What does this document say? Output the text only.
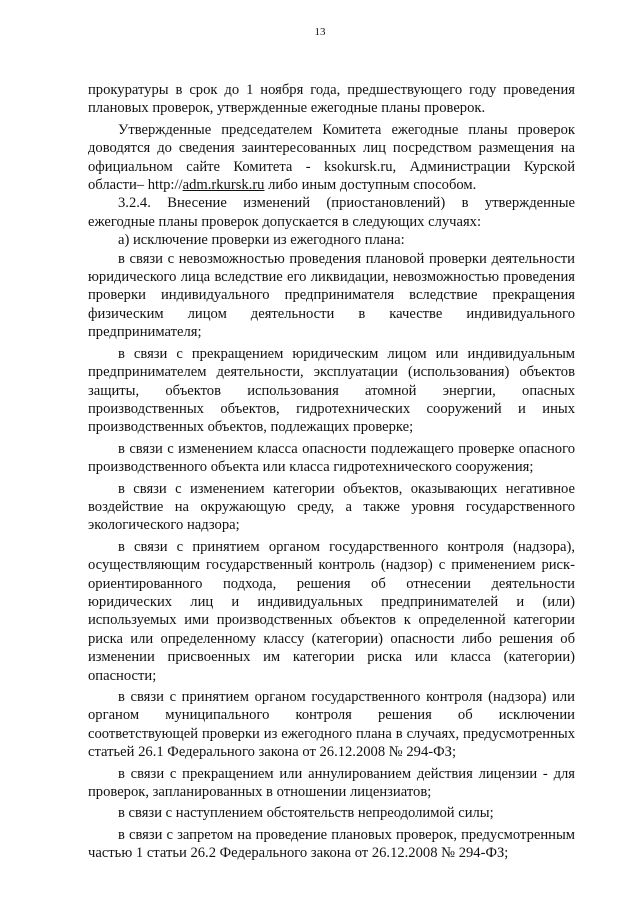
13

прокуратуры в срок до 1 ноября года, предшествующего году проведения плановых проверок, утвержденные ежегодные планы проверок.

Утвержденные председателем Комитета ежегодные планы проверок доводятся до сведения заинтересованных лиц посредством размещения на официальном сайте Комитета - ksokursk.ru, Администрации Курской области– http://adm.rkursk.ru либо иным доступным способом.

3.2.4. Внесение изменений (приостановлений) в утвержденные ежегодные планы проверок допускается в следующих случаях:

а) исключение проверки из ежегодного плана:

в связи с невозможностью проведения плановой проверки деятельности юридического лица вследствие его ликвидации, невозможностью проведения проверки индивидуального предпринимателя вследствие прекращения физическим лицом деятельности в качестве индивидуального предпринимателя;

в связи с прекращением юридическим лицом или индивидуальным предпринимателем деятельности, эксплуатации (использования) объектов защиты, объектов использования атомной энергии, опасных производственных объектов, гидротехнических сооружений и иных производственных объектов, подлежащих проверке;

в связи с изменением класса опасности подлежащего проверке опасного производственного объекта или класса гидротехнического сооружения;

в связи с изменением категории объектов, оказывающих негативное воздействие на окружающую среду, а также уровня государственного экологического надзора;

в связи с принятием органом государственного контроля (надзора), осуществляющим государственный контроль (надзор) с применением риск-ориентированного подхода, решения об отнесении деятельности юридических лиц и индивидуальных предпринимателей и (или) используемых ими производственных объектов к определенной категории риска или определенному классу (категории) опасности либо решения об изменении присвоенных им категории риска или класса (категории) опасности;

в связи с принятием органом государственного контроля (надзора) или органом муниципального контроля решения об исключении соответствующей проверки из ежегодного плана в случаях, предусмотренных статьей 26.1 Федерального закона от 26.12.2008 № 294-ФЗ;

в связи с прекращением или аннулированием действия лицензии - для проверок, запланированных в отношении лицензиатов;

в связи с наступлением обстоятельств непреодолимой силы;

в связи с запретом на проведение плановых проверок, предусмотренным частью 1 статьи 26.2 Федерального закона от 26.12.2008 № 294-ФЗ;
